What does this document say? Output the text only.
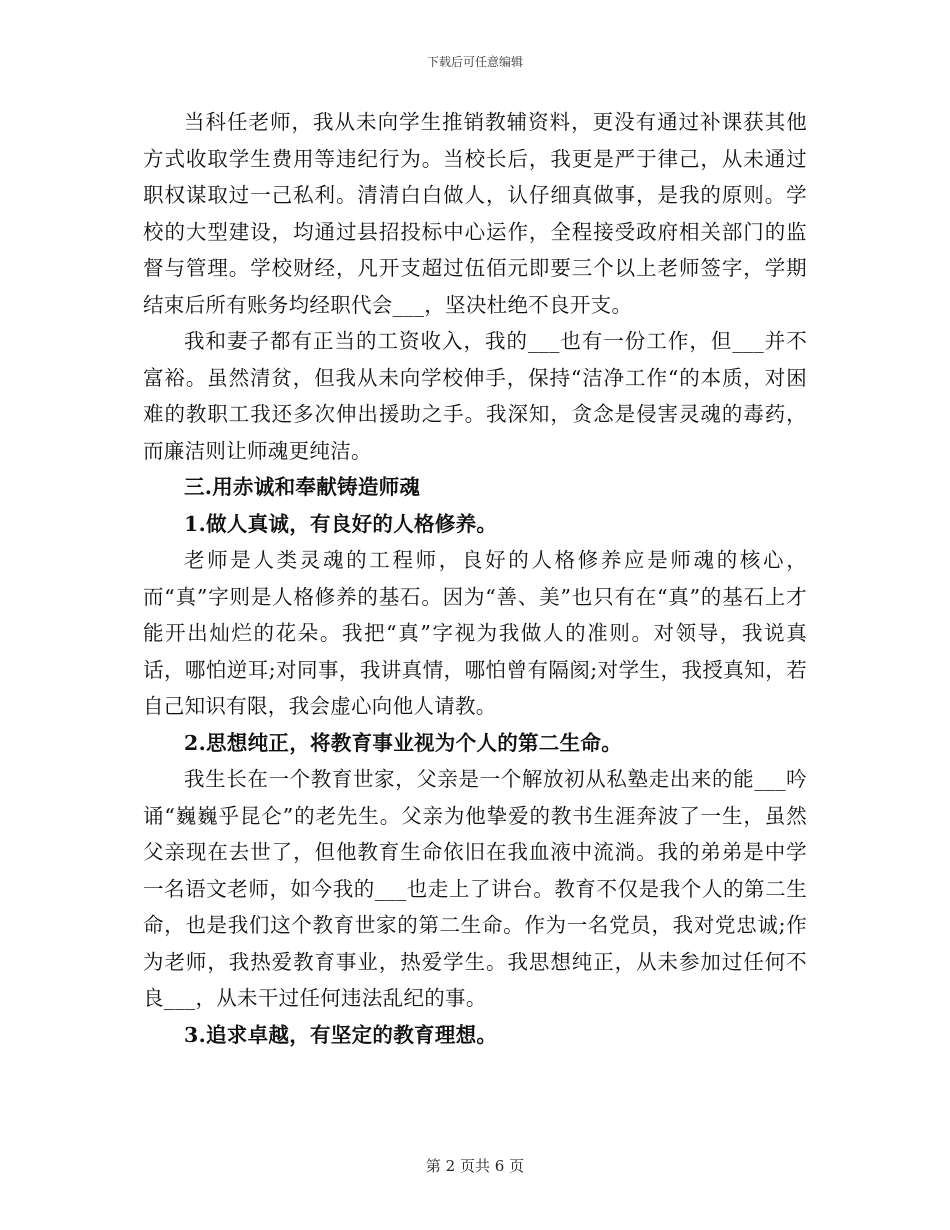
下载后可任意编辑

当科任老师，我从未向学生推销教辅资料，更没有通过补课获其他方式收取学生费用等违纪行为。当校长后，我更是严于律己，从未通过职权谋取过一己私利。清清白白做人，认仔细真做事，是我的原则。学校的大型建设，均通过县招投标中心运作，全程接受政府相关部门的监督与管理。学校财经，凡开支超过伍佰元即要三个以上老师签字，学期结束后所有账务均经职代会___，坚决杜绝不良开支。

我和妻子都有正当的工资收入，我的___也有一份工作，但___并不富裕。虽然清贫，但我从未向学校伸手，保持“洁净工作“的本质，对困难的教职工我还多次伸出援助之手。我深知，贪念是侵害灵魂的毒药，而廉洁则让师魂更纯洁。

三.用赤诚和奉献铸造师魂

1.做人真诚，有良好的人格修养。

老师是人类灵魂的工程师，良好的人格修养应是师魂的核心，而“真”字则是人格修养的基石。因为“善、美”也只有在“真”的基石上才能开出灿烂的花朵。我把“真”字视为我做人的准则。对领导，我说真话，哪怕逆耳;对同事，我讲真情，哪怕曾有隔阂;对学生，我授真知，若自己知识有限，我会虚心向他人请教。

2.思想纯正，将教育事业视为个人的第二生命。

我生长在一个教育世家，父亲是一个解放初从私塾走出来的能___吟诵“巍巍乎昆仑”的老先生。父亲为他挚爱的教书生涯奔波了一生，虽然父亲现在去世了，但他教育生命依旧在我血液中流淌。我的弟弟是中学一名语文老师，如今我的___也走上了讲台。教育不仅是我个人的第二生命，也是我们这个教育世家的第二生命。作为一名党员，我对党忠诚;作为老师，我热爱教育事业，热爱学生。我思想纯正，从未参加过任何不良___，从未干过任何违法乱纪的事。

3.追求卓越，有坚定的教育理想。

第 2 页共 6 页
